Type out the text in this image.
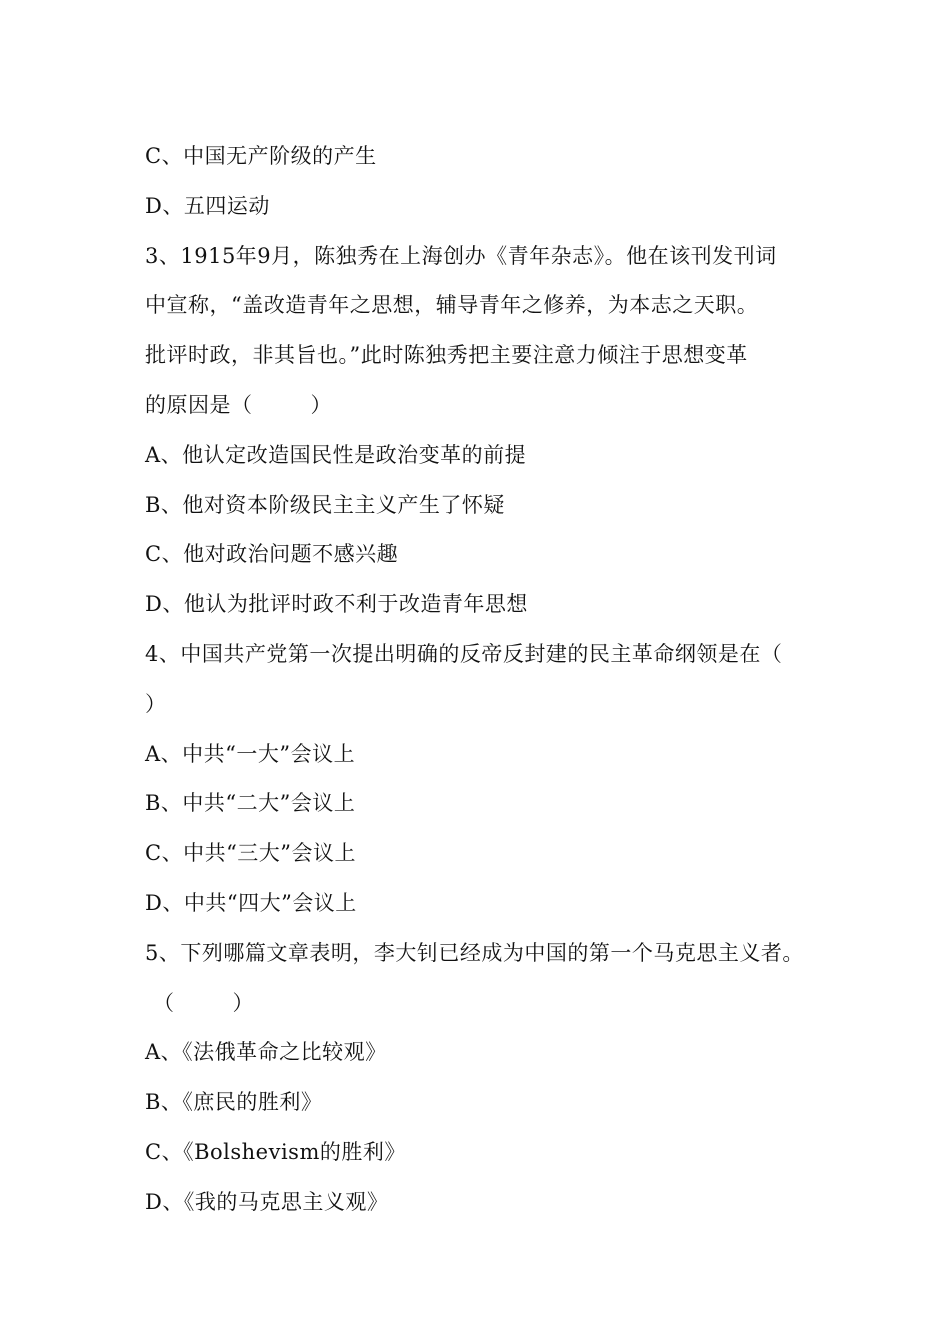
C、中国无产阶级的产生
D、五四运动
3、1915年9月，陈独秀在上海创办《青年杂志》。他在该刊发刊词
中宣称，“盖改造青年之思想，辅导青年之修养，为本志之天职。
批评时政，非其旨也。”此时陈独秀把主要注意力倾注于思想变革
的原因是（	）
A、他认定改造国民性是政治变革的前提
B、他对资本阶级民主主义产生了怀疑
C、他对政治问题不感兴趣
D、他认为批评时政不利于改造青年思想
4、中国共产党第一次提出明确的反帝反封建的民主革命纲领是在（
）
A、中共“一大”会议上
B、中共“二大”会议上
C、中共“三大”会议上
D、中共“四大”会议上
5、下列哪篇文章表明，李大钊已经成为中国的第一个马克思主义者。
（	）
A、《法俄革命之比较观》
B、《庶民的胜利》
C、《Bolshevism的胜利》
D、《我的马克思主义观》
